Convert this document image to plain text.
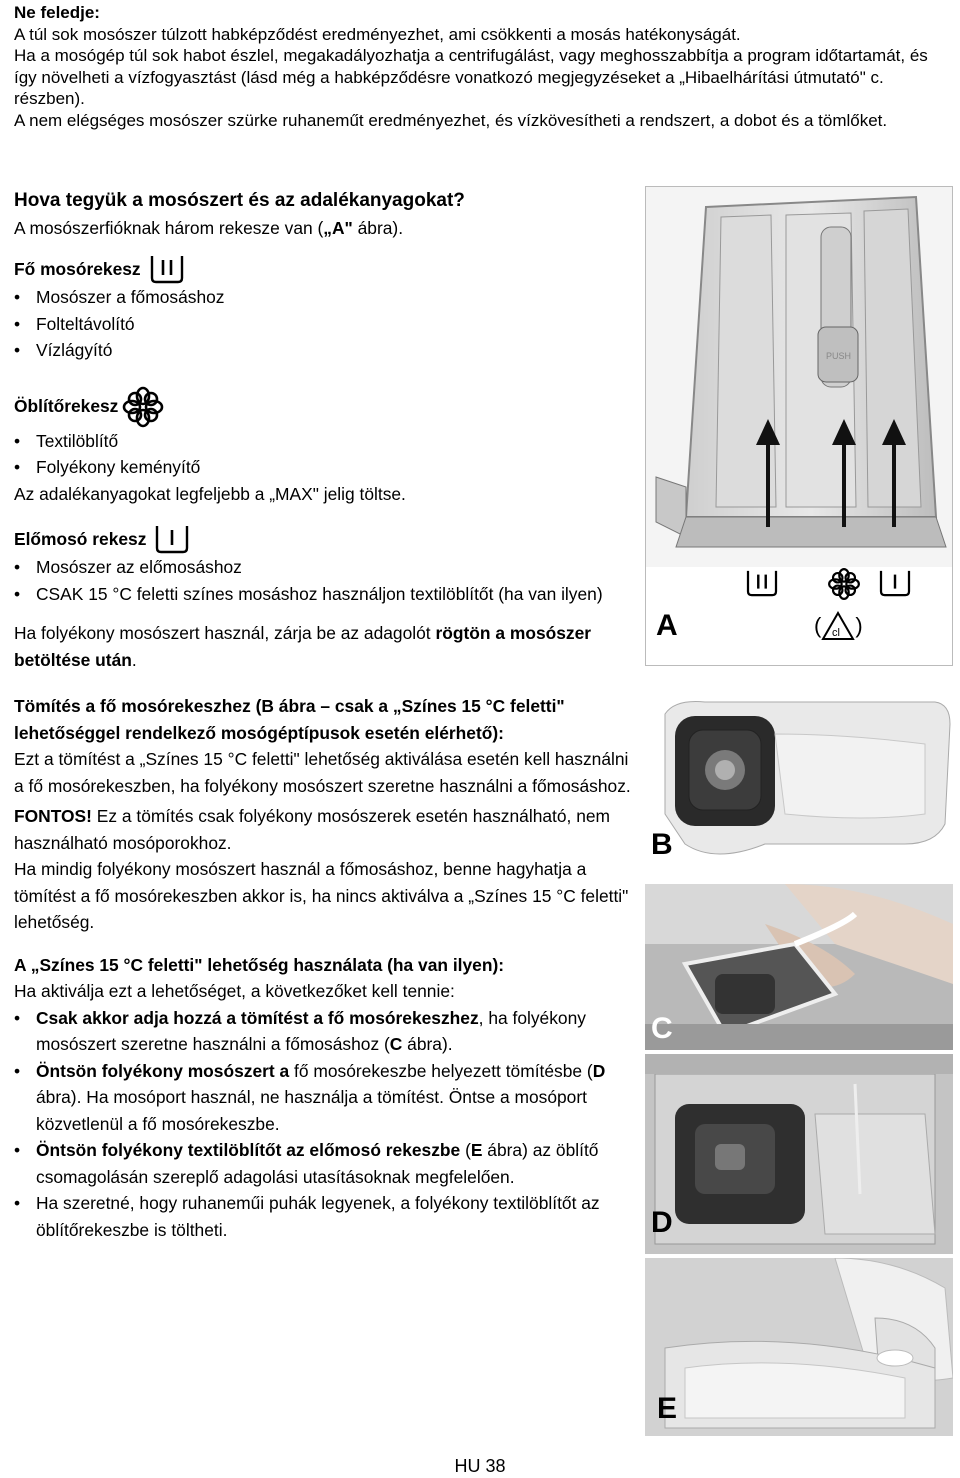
Ne feledje:

A túl sok mosószer túlzott habképződést eredményezhet, ami csökkenti a mosás hatékonyságát.

Ha a mosógép túl sok habot észlel, megakadályozhatja a centrifugálást, vagy meghosszabbítja a program időtartamát, és így növelheti a vízfogyasztást (lásd még a habképződésre vonatkozó megjegyzéseket a „Hibaelhárítási útmutató" c. részben).

A nem elégséges mosószer szürke ruhaneműt eredményezhet, és vízkövesítheti a rendszert, a dobot és a tömlőket.

Hova tegyük a mosószert és az adalékanyagokat?

A mosószerfióknak három rekesze van („A" ábra).

Fő mosórekesz
• Mosószer a főmosáshoz
• Folteltávolító
• Vízlágyító
Öblítőrekesz
• Textilöblítő
• Folyékony keményítő

Az adalékanyagokat legfeljebb a „MAX" jelig töltse.

Előmosó rekesz
• Mosószer az előmosáshoz
• CSAK 15 °C feletti színes mosáshoz használjon textilöblítőt (ha van ilyen)

Ha folyékony mosószert használ, zárja be az adagolót rögtön a mosószer betöltése után.

Tömítés a fő mosórekeszhez (B ábra – csak a „Színes 15 °C feletti" lehetőséggel rendelkező mosógéptípusok esetén elérhető):

Ezt a tömítést a „Színes 15 °C feletti" lehetőség aktiválása esetén kell használni a fő mosórekeszben, ha folyékony mosószert szeretne használni a főmosáshoz.

FONTOS! Ez a tömítés csak folyékony mosószerek esetén használható, nem használható mosóporokhoz.

Ha mindig folyékony mosószert használ a főmosáshoz, benne hagyhatja a tömítést a fő mosórekeszben akkor is, ha nincs aktiválva a „Színes 15 °C feletti" lehetőség.

A „Színes 15 °C feletti" lehetőség használata (ha van ilyen):

Ha aktiválja ezt a lehetőséget, a következőket kell tennie:

• Csak akkor adja hozzá a tömítést a fő mosórekeszhez, ha folyékony mosószert szeretne használni a főmosáshoz (C ábra).
• Öntsön folyékony mosószert a fő mosórekeszbe helyezett tömítésbe (D ábra). Ha mosóport használ, ne használja a tömítést. Öntse a mosóport közvetlenül a fő mosórekeszbe.
• Öntsön folyékony textilöblítőt az előmosó rekeszbe (E ábra) az öblítő csomagolásán szereplő adagolási utasításoknak megfelelően.
• Ha szeretné, hogy ruhaneműi puhák legyenek, a folyékony textilöblítőt az öblítőrekeszbe is töltheti.
PUSH
( cl )
A
B
C
D
E
HU 38
